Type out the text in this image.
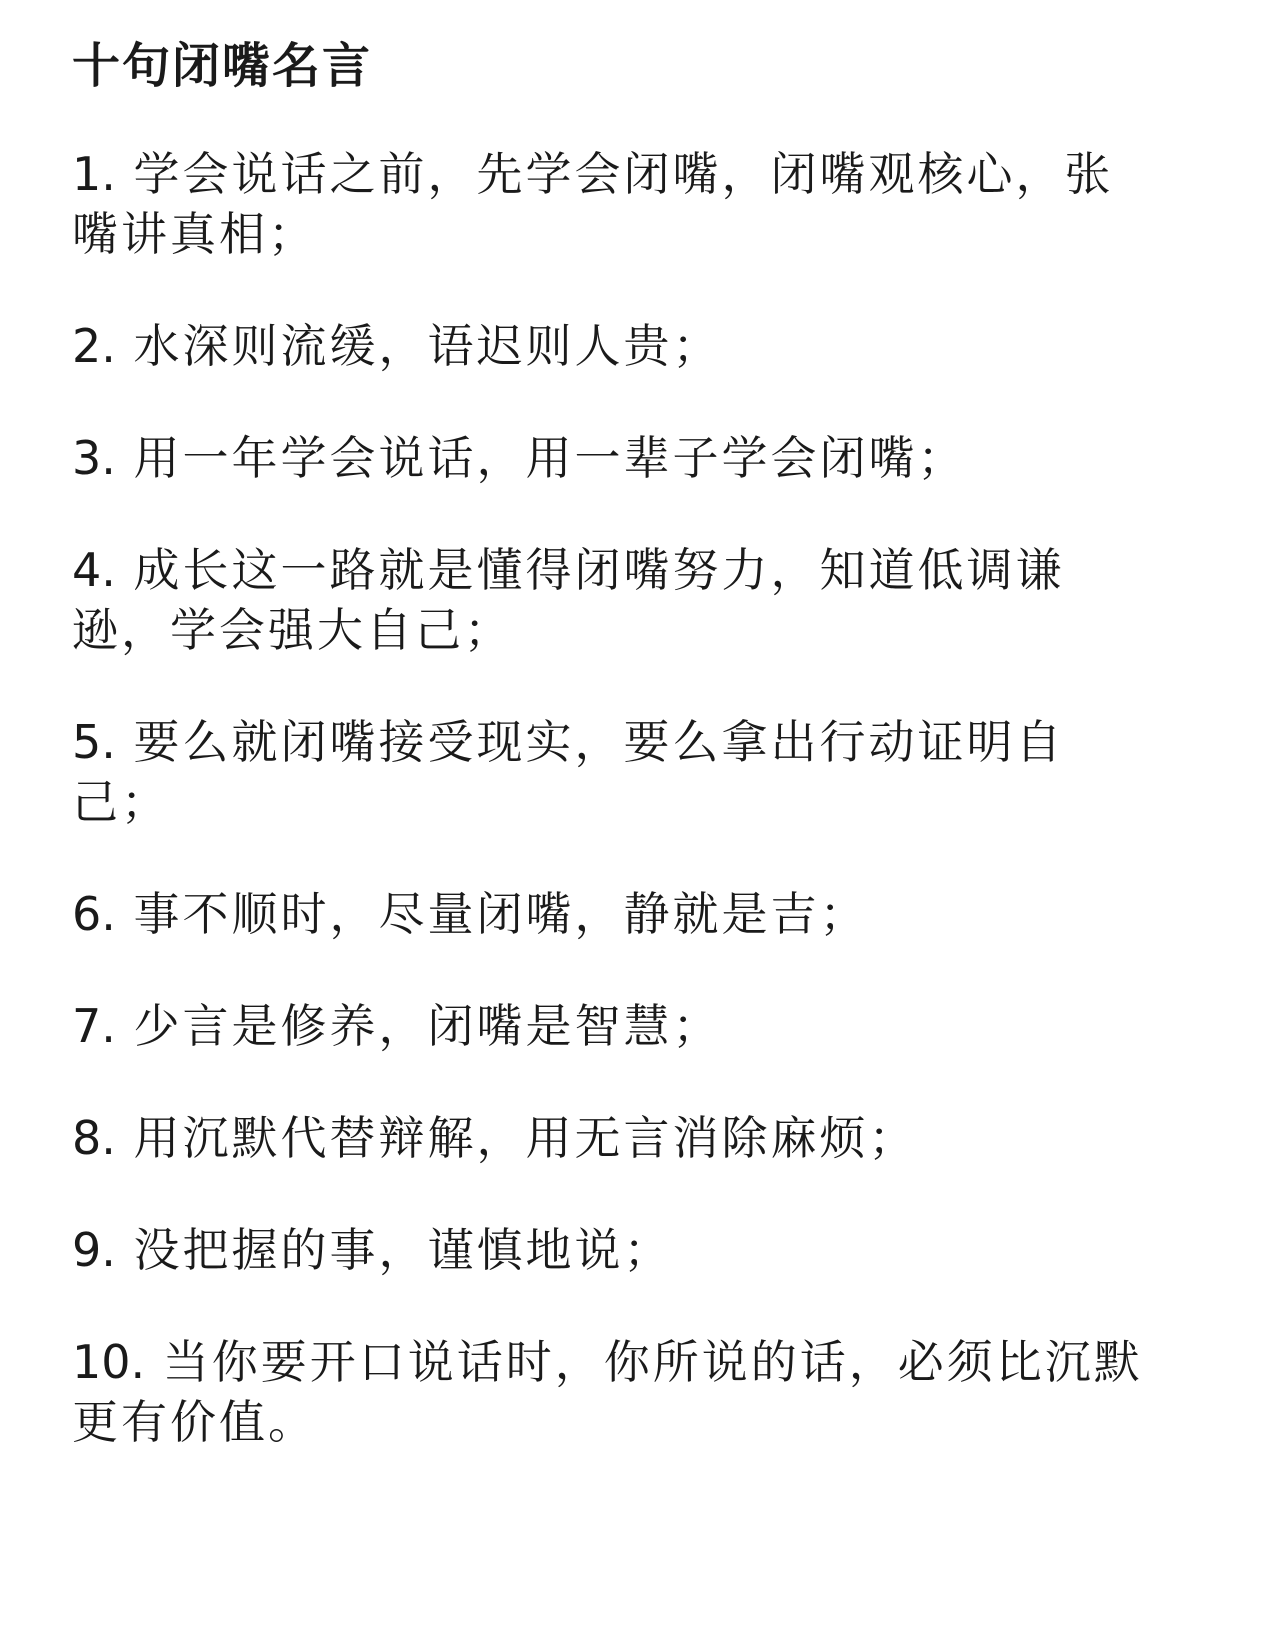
十句闭嘴名言
1. 学会说话之前，先学会闭嘴，闭嘴观核心，张嘴讲真相；
2. 水深则流缓，语迟则人贵；
3. 用一年学会说话，用一辈子学会闭嘴；
4. 成长这一路就是懂得闭嘴努力，知道低调谦逊，学会强大自己；
5. 要么就闭嘴接受现实，要么拿出行动证明自己；
6. 事不顺时，尽量闭嘴，静就是吉；
7. 少言是修养，闭嘴是智慧；
8. 用沉默代替辩解，用无言消除麻烦；
9. 没把握的事，谨慎地说；
10. 当你要开口说话时，你所说的话，必须比沉默更有价值。
